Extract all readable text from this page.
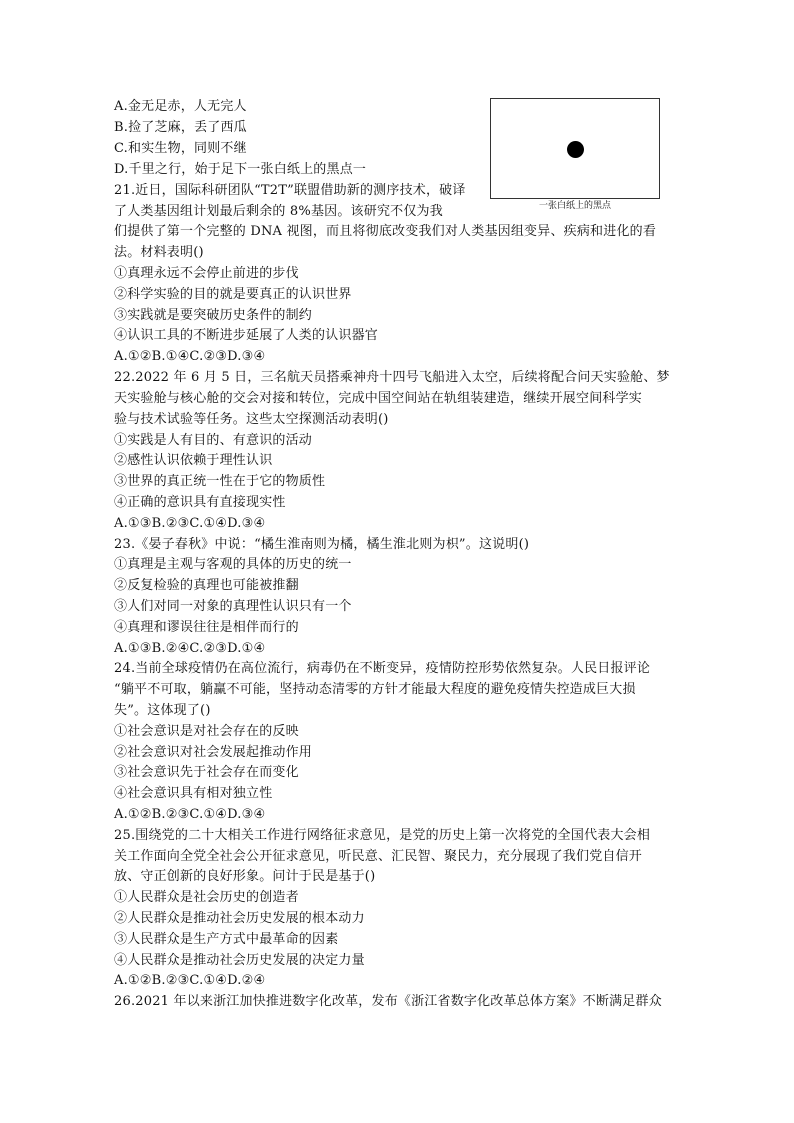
A.金无足赤，人无完人
B.捡了芝麻，丢了西瓜
C.和实生物，同则不继
D.千里之行，始于足下一张白纸上的黑点一
21.近日，国际科研团队“T2T”联盟借助新的测序技术，破译
了人类基因组计划最后剩余的 8%基因。该研究不仅为我
们提供了第一个完整的 DNA 视图，而且将彻底改变我们对人类基因组变异、疾病和进化的看
法。材料表明()
①真理永远不会停止前进的步伐
②科学实验的目的就是要真正的认识世界
③实践就是要突破历史条件的制约
④认识工具的不断进步延展了人类的认识器官
A.①②B.①④C.②③D.③④
22.2022 年 6 月 5 日，三名航天员搭乘神舟十四号飞船进入太空，后续将配合问天实验舱、梦
天实验舱与核心舱的交会对接和转位，完成中国空间站在轨组装建造，继续开展空间科学实
验与技术试验等任务。这些太空探测活动表明()
①实践是人有目的、有意识的活动
②感性认识依赖于理性认识
③世界的真正统一性在于它的物质性
④正确的意识具有直接现实性
A.①③B.②③C.①④D.③④
23.《晏子春秋》中说：“橘生淮南则为橘，橘生淮北则为枳”。这说明()
①真理是主观与客观的具体的历史的统一
②反复检验的真理也可能被推翻
③人们对同一对象的真理性认识只有一个
④真理和谬误往往是相伴而行的
A.①③B.②④C.②③D.①④
24.当前全球疫情仍在高位流行，病毒仍在不断变异，疫情防控形势依然复杂。人民日报评论
“躺平不可取，躺赢不可能，坚持动态清零的方针才能最大程度的避免疫情失控造成巨大损
失”。这体现了()
①社会意识是对社会存在的反映
②社会意识对社会发展起推动作用
③社会意识先于社会存在而变化
④社会意识具有相对独立性
A.①②B.②③C.①④D.③④
25.围绕党的二十大相关工作进行网络征求意见，是党的历史上第一次将党的全国代表大会相
关工作面向全党全社会公开征求意见，听民意、汇民智、聚民力，充分展现了我们党自信开
放、守正创新的良好形象。问计于民是基于()
①人民群众是社会历史的创造者
②人民群众是推动社会历史发展的根本动力
③人民群众是生产方式中最革命的因素
④人民群众是推动社会历史发展的决定力量
A.①②B.②③C.①④D.②④
26.2021 年以来浙江加快推进数字化改革，发布《浙江省数字化改革总体方案》不断满足群众
一张白纸上的黑点
